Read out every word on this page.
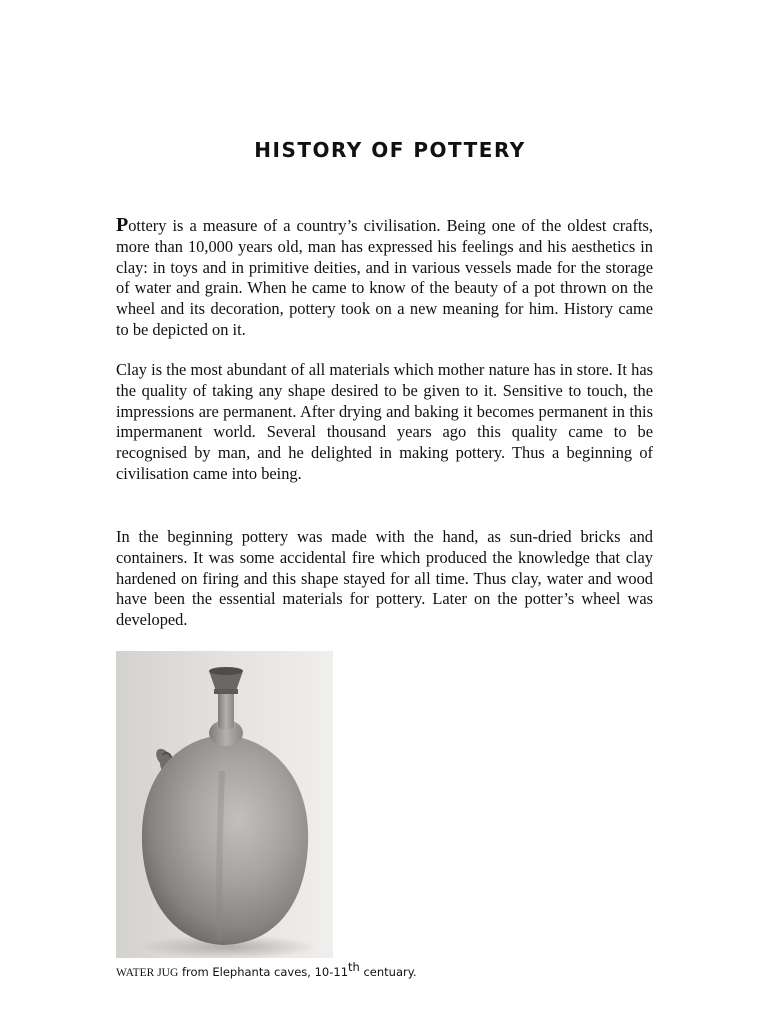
HISTORY OF POTTERY

Pottery is a measure of a country’s civilisation. Being one of the oldest crafts, more than 10,000 years old, man has expressed his feelings and his aesthetics in clay: in toys and in primitive deities, and in various vessels made for the storage of water and grain. When he came to know of the beauty of a pot thrown on the wheel and its decoration, pottery took on a new meaning for him. History came to be depicted on it.

Clay is the most abundant of all materials which mother nature has in store. It has the quality of taking any shape desired to be given to it. Sensitive to touch, the impressions are permanent. After drying and baking it becomes permanent in this impermanent world. Several thousand years ago this quality came to be recognised by man, and he delighted in making pottery. Thus a beginning of civilisation came into being.

In the beginning pottery was made with the hand, as sun-dried bricks and containers. It was some accidental fire which produced the knowledge that clay hardened on firing and this shape stayed for all time. Thus clay, water and wood have been the essential materials for pottery. Later on the potter’s wheel was developed.

WATER JUG from Elephanta caves, 10-11th centuary.
